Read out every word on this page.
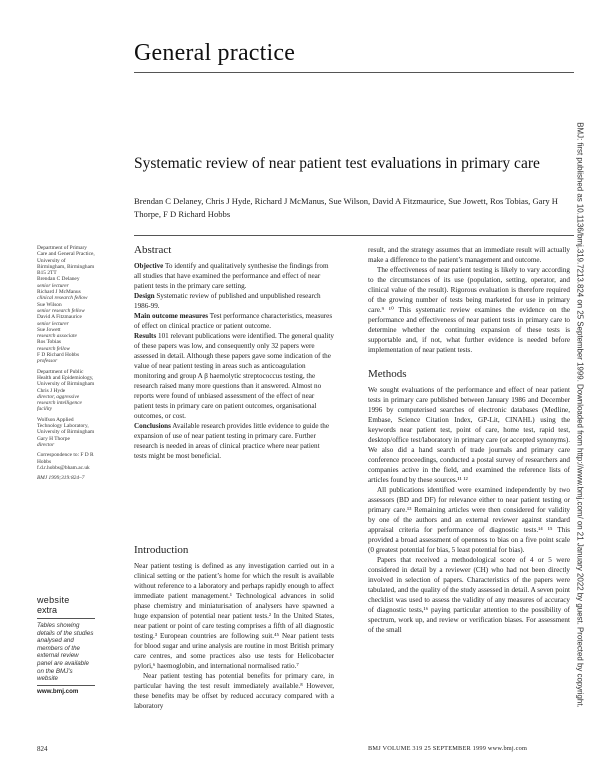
General practice
BMJ: first published as 10.1136/bmj.319.7213.824 on 25 September 1999. Downloaded from http://www.bmj.com/ on 21 January 2022 by guest. Protected by copyright.
Systematic review of near patient test evaluations in primary care
Brendan C Delaney, Chris J Hyde, Richard J McManus, Sue Wilson, David A Fitzmaurice, Sue Jowett, Ros Tobias, Gary H Thorpe, F D Richard Hobbs

Department of Primary Care and General Practice, University of Birmingham, Birmingham B15 2TT
Brendan C Delaney
senior lecturer
Richard J McManus
clinical research fellow
Sue Wilson
senior research fellow
David A Fitzmaurice
senior lecturer
Sue Jowett
research associate
Ros Tobias
research fellow
F D Richard Hobbs
professor

Department of Public Health and Epidemiology, University of Birmingham
Chris J Hyde
director, aggressive research intelligence facility

Wolfson Applied Technology Laboratory, University of Birmingham
Gary H Thorpe
director

Correspondence to: F D R Hobbs f.d.r.hobbs@bham.ac.uk

BMJ 1999;319:824–7

website
extra
Tables showing details of the studies analysed and members of the external review panel are available on the BMJ’s website
www.bmj.com
Abstract

Objective To identify and qualitatively synthesise the findings from all studies that have examined the performance and effect of near patient tests in the primary care setting.

Design Systematic review of published and unpublished research 1986-99.

Main outcome measures Test performance characteristics, measures of effect on clinical practice or patient outcome.

Results 101 relevant publications were identified. The general quality of these papers was low, and consequently only 32 papers were assessed in detail. Although these papers gave some indication of the value of near patient testing in areas such as anticoagulation monitoring and group A β haemolytic streptococcus testing, the research raised many more questions than it answered. Almost no reports were found of unbiased assessment of the effect of near patient tests in primary care on patient outcomes, organisational outcomes, or cost.

Conclusions Available research provides little evidence to guide the expansion of use of near patient testing in primary care. Further research is needed in areas of clinical practice where near patient tests might be most beneficial.

Introduction

Near patient testing is defined as any investigation carried out in a clinical setting or the patient’s home for which the result is available without reference to a laboratory and perhaps rapidly enough to affect immediate patient management.¹ Technological advances in solid phase chemistry and miniaturisation of analysers have spawned a huge expansion of potential near patient tests.² In the United States, near patient or point of care testing comprises a fifth of all diagnostic testing.³ European countries are following suit.⁴⁵ Near patient tests for blood sugar and urine analysis are routine in most British primary care centres, and some practices also use tests for Helicobacter pylori,⁶ haemoglobin, and international normalised ratio.⁷

Near patient testing has potential benefits for primary care, in particular having the test result immediately available.⁸ However, these benefits may be offset by reduced accuracy compared with a laboratory

result, and the strategy assumes that an immediate result will actually make a difference to the patient’s management and outcome.

The effectiveness of near patient testing is likely to vary according to the circumstances of its use (population, setting, operator, and clinical value of the result). Rigorous evaluation is therefore required of the growing number of tests being marketed for use in primary care.⁹ ¹⁰ This systematic review examines the evidence on the performance and effectiveness of near patient tests in primary care to determine whether the continuing expansion of these tests is supportable and, if not, what further evidence is needed before implementation of near patient tests.

Methods

We sought evaluations of the performance and effect of near patient tests in primary care published between January 1986 and December 1996 by computerised searches of electronic databases (Medline, Embase, Science Citation Index, GP-Lit, CINAHL) using the keywords near patient test, point of care, home test, rapid test, desktop/office test/laboratory in primary care (or accepted synonyms). We also did a hand search of trade journals and primary care conference proceedings, conducted a postal survey of researchers and companies active in the field, and examined the reference lists of articles found by these sources.¹¹ ¹²

All publications identified were examined independently by two assessors (BD and DF) for relevance either to near patient testing or primary care.¹³ Remaining articles were then considered for validity by one of the authors and an external reviewer against standard appraisal criteria for performance of diagnostic tests.¹⁴ ¹⁵ This provided a broad assessment of openness to bias on a five point scale (0 greatest potential for bias, 5 least potential for bias).

Papers that received a methodological score of 4 or 5 were considered in detail by a reviewer (CH) who had not been directly involved in selection of papers. Characteristics of the papers were tabulated, and the quality of the study assessed in detail. A seven point checklist was used to assess the validity of any measures of accuracy of diagnostic tests,¹⁶ paying particular attention to the possibility of spectrum, work up, and review or verification biases. For assessment of the small

824	BMJ VOLUME 319 25 SEPTEMBER 1999 www.bmj.com
